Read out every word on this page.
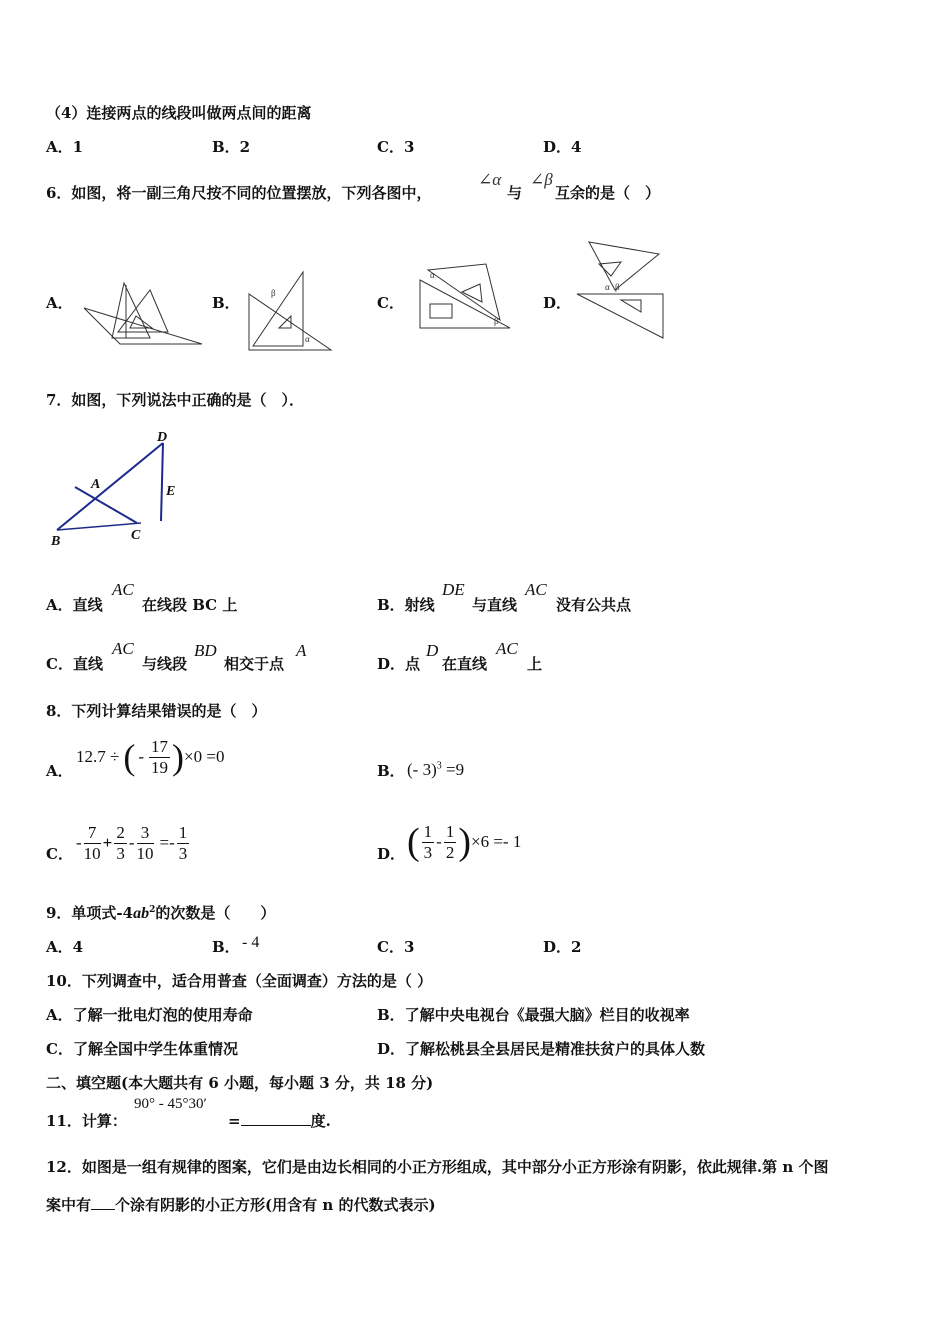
（4）连接两点的线段叫做两点间的距离
A．1	B．2	C．3	D．4
6．如图，将一副三角尺按不同的位置摆放，下列各图中，
∠α
与
∠β
互余的是（　）
A．	B．	C．	D．
β
α
α
β
α β
7．如图，下列说法中正确的是（　）．
D
A	E
B	C
A．直线
AC
在线段 BC 上	B．射线
DE
与直线
AC
没有公共点
C．直线
AC
与线段
BD
相交于点
A
D．点
D
在直线
AC
上
8．下列计算结果错误的是（　）
A．
12.7 ÷ ( - $\frac{17}{19}$ ) ×0 =0
B． (- 3)$^3$ =9
C．
- $\frac{7}{10} + \frac{2}{3} - \frac{3}{10} =- \frac{1}{3}$	D． ( $\frac{1}{3} - \frac{1}{2}$ ) ×6 =- 1
9．单项式$-4ab^2$的次数是（　　）
A．4	B． - 4	C．3	D．2
10．下列调查中，适合用普查（全面调查）方法的是（ ）
A．了解一批电灯泡的使用寿命	B．了解中央电视台《最强大脑》栏目的收视率
C．了解全国中学生体重情况	D．了解松桃县全县居民是精准扶贫户的具体人数
二、填空题(本大题共有 6 小题，每小题 3 分，共 18 分)
11．计算：
90° - 45°30′
=	度.
12．如图是一组有规律的图案，它们是由边长相同的小正方形组成，其中部分小正方形涂有阴影，依此规律.第 n 个图
案中有 个涂有阴影的小正方形(用含有 n 的代数式表示)
